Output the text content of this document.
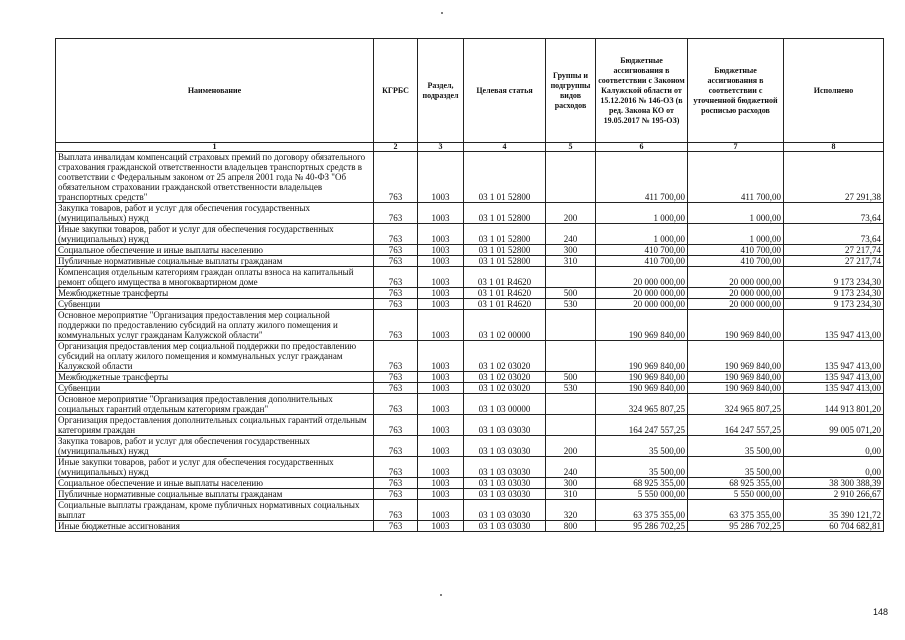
Наименование	КГРБС	Раздел, подраздел	Целевая статья	Группы и подгруппы видов расходов	Бюджетные ассигнования в соответствии с Законом Калужской области от 15.12.2016 № 146-ОЗ (в ред. Закона КО от 19.05.2017 № 195-ОЗ)	Бюджетные ассигнования в соответствии с уточненной бюджетной росписью расходов	Исполнено
1	2	3	4	5	6	7	8
Выплата инвалидам компенсаций страховых премий по договору обязательного страхования гражданской ответственности владельцев транспортных средств в соответствии с Федеральным законом от 25 апреля 2001 года № 40-ФЗ "Об обязательном страховании гражданской ответственности владельцев транспортных средств"	763	1003	03 1 01 52800		411 700,00	411 700,00	27 291,38
Закупка товаров, работ и услуг для обеспечения государственных (муниципальных) нужд	763	1003	03 1 01 52800	200	1 000,00	1 000,00	73,64
Иные закупки товаров, работ и услуг для обеспечения государственных (муниципальных) нужд	763	1003	03 1 01 52800	240	1 000,00	1 000,00	73,64
Социальное обеспечение и иные выплаты населению	763	1003	03 1 01 52800	300	410 700,00	410 700,00	27 217,74
Публичные нормативные социальные выплаты гражданам	763	1003	03 1 01 52800	310	410 700,00	410 700,00	27 217,74
Компенсация отдельным категориям граждан оплаты взноса на капитальный ремонт общего имущества в многоквартирном доме	763	1003	03 1 01 R4620		20 000 000,00	20 000 000,00	9 173 234,30
Межбюджетные трансферты	763	1003	03 1 01 R4620	500	20 000 000,00	20 000 000,00	9 173 234,30
Субвенции	763	1003	03 1 01 R4620	530	20 000 000,00	20 000 000,00	9 173 234,30
Основное мероприятие "Организация предоставления мер социальной поддержки по предоставлению субсидий на оплату жилого помещения и коммунальных услуг гражданам Калужской области"	763	1003	03 1 02 00000		190 969 840,00	190 969 840,00	135 947 413,00
Организация предоставления мер социальной поддержки по предоставлению субсидий на оплату жилого помещения и коммунальных услуг гражданам Калужской области	763	1003	03 1 02 03020		190 969 840,00	190 969 840,00	135 947 413,00
Межбюджетные трансферты	763	1003	03 1 02 03020	500	190 969 840,00	190 969 840,00	135 947 413,00
Субвенции	763	1003	03 1 02 03020	530	190 969 840,00	190 969 840,00	135 947 413,00
Основное мероприятие "Организация предоставления дополнительных социальных гарантий отдельным категориям граждан"	763	1003	03 1 03 00000		324 965 807,25	324 965 807,25	144 913 801,20
Организация предоставления дополнительных социальных гарантий отдельным категориям граждан	763	1003	03 1 03 03030		164 247 557,25	164 247 557,25	99 005 071,20
Закупка товаров, работ и услуг для обеспечения государственных (муниципальных) нужд	763	1003	03 1 03 03030	200	35 500,00	35 500,00	0,00
Иные закупки товаров, работ и услуг для обеспечения государственных (муниципальных) нужд	763	1003	03 1 03 03030	240	35 500,00	35 500,00	0,00
Социальное обеспечение и иные выплаты населению	763	1003	03 1 03 03030	300	68 925 355,00	68 925 355,00	38 300 388,39
Публичные нормативные социальные выплаты гражданам	763	1003	03 1 03 03030	310	5 550 000,00	5 550 000,00	2 910 266,67
Социальные выплаты гражданам, кроме публичных нормативных социальных выплат	763	1003	03 1 03 03030	320	63 375 355,00	63 375 355,00	35 390 121,72
Иные бюджетные ассигнования	763	1003	03 1 03 03030	800	95 286 702,25	95 286 702,25	60 704 682,81
148
